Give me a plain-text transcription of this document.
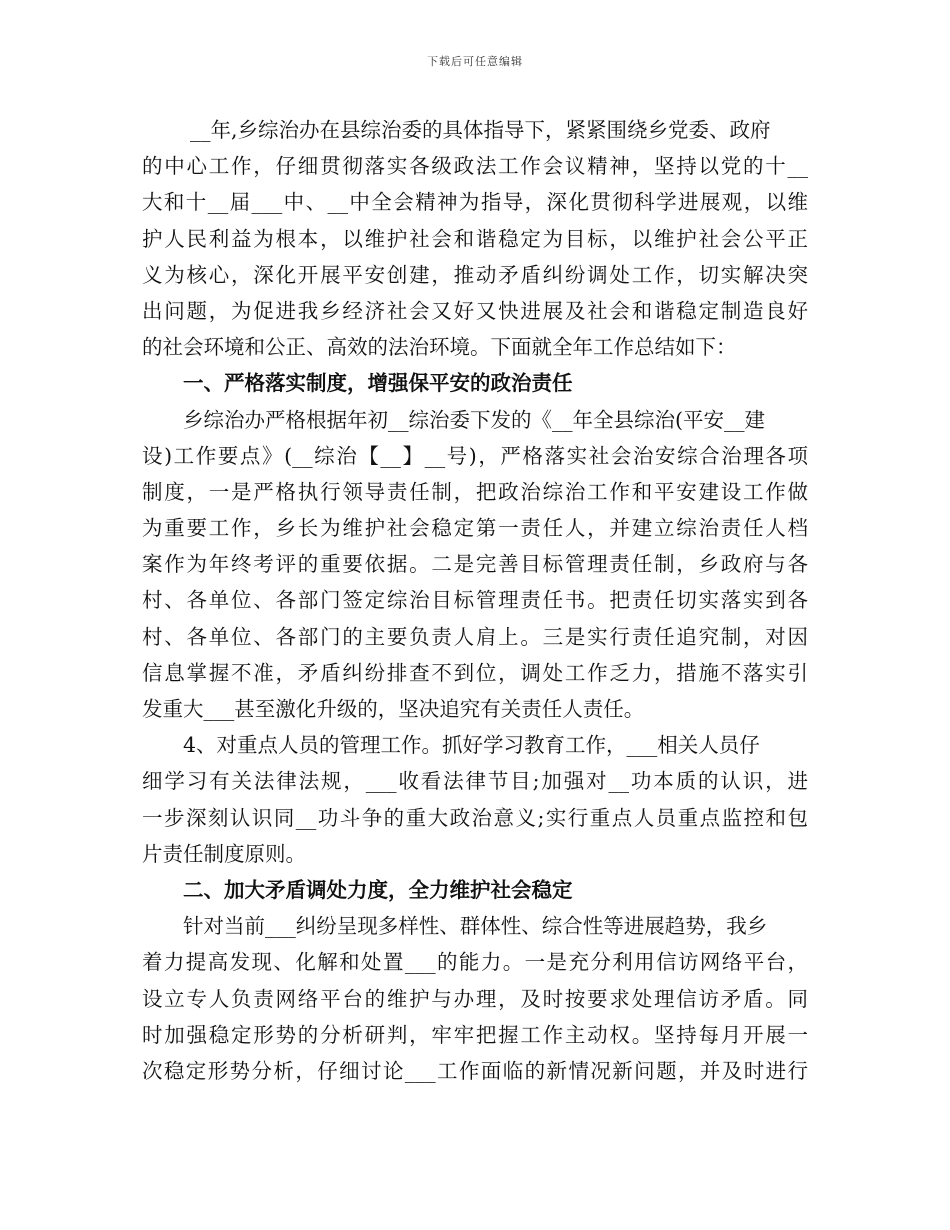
下载后可任意编辑
__年,乡综治办在县综治委的具体指导下，紧紧围绕乡党委、政府
的中心工作，仔细贯彻落实各级政法工作会议精神，坚持以党的十__
大和十__届___中、__中全会精神为指导，深化贯彻科学进展观，以维
护人民利益为根本，以维护社会和谐稳定为目标，以维护社会公平正
义为核心，深化开展平安创建，推动矛盾纠纷调处工作，切实解决突
出问题，为促进我乡经济社会又好又快进展及社会和谐稳定制造良好
的社会环境和公正、高效的法治环境。下面就全年工作总结如下：
一、严格落实制度，增强保平安的政治责任
乡综治办严格根据年初__综治委下发的《__年全县综治(平安__建
设)工作要点》(__综治【__】__号)，严格落实社会治安综合治理各项
制度，一是严格执行领导责任制，把政治综治工作和平安建设工作做
为重要工作，乡长为维护社会稳定第一责任人，并建立综治责任人档
案作为年终考评的重要依据。二是完善目标管理责任制，乡政府与各
村、各单位、各部门签定综治目标管理责任书。把责任切实落实到各
村、各单位、各部门的主要负责人肩上。三是实行责任追究制，对因
信息掌握不准，矛盾纠纷排查不到位，调处工作乏力，措施不落实引
发重大___甚至激化升级的，坚决追究有关责任人责任。
4、对重点人员的管理工作。抓好学习教育工作，___相关人员仔
细学习有关法律法规，___收看法律节目;加强对__功本质的认识，进
一步深刻认识同__功斗争的重大政治意义;实行重点人员重点监控和包
片责任制度原则。
二、加大矛盾调处力度，全力维护社会稳定
针对当前___纠纷呈现多样性、群体性、综合性等进展趋势，我乡
着力提高发现、化解和处置___的能力。一是充分利用信访网络平台，
设立专人负责网络平台的维护与办理，及时按要求处理信访矛盾。同
时加强稳定形势的分析研判，牢牢把握工作主动权。坚持每月开展一
次稳定形势分析，仔细讨论___工作面临的新情况新问题，并及时进行
